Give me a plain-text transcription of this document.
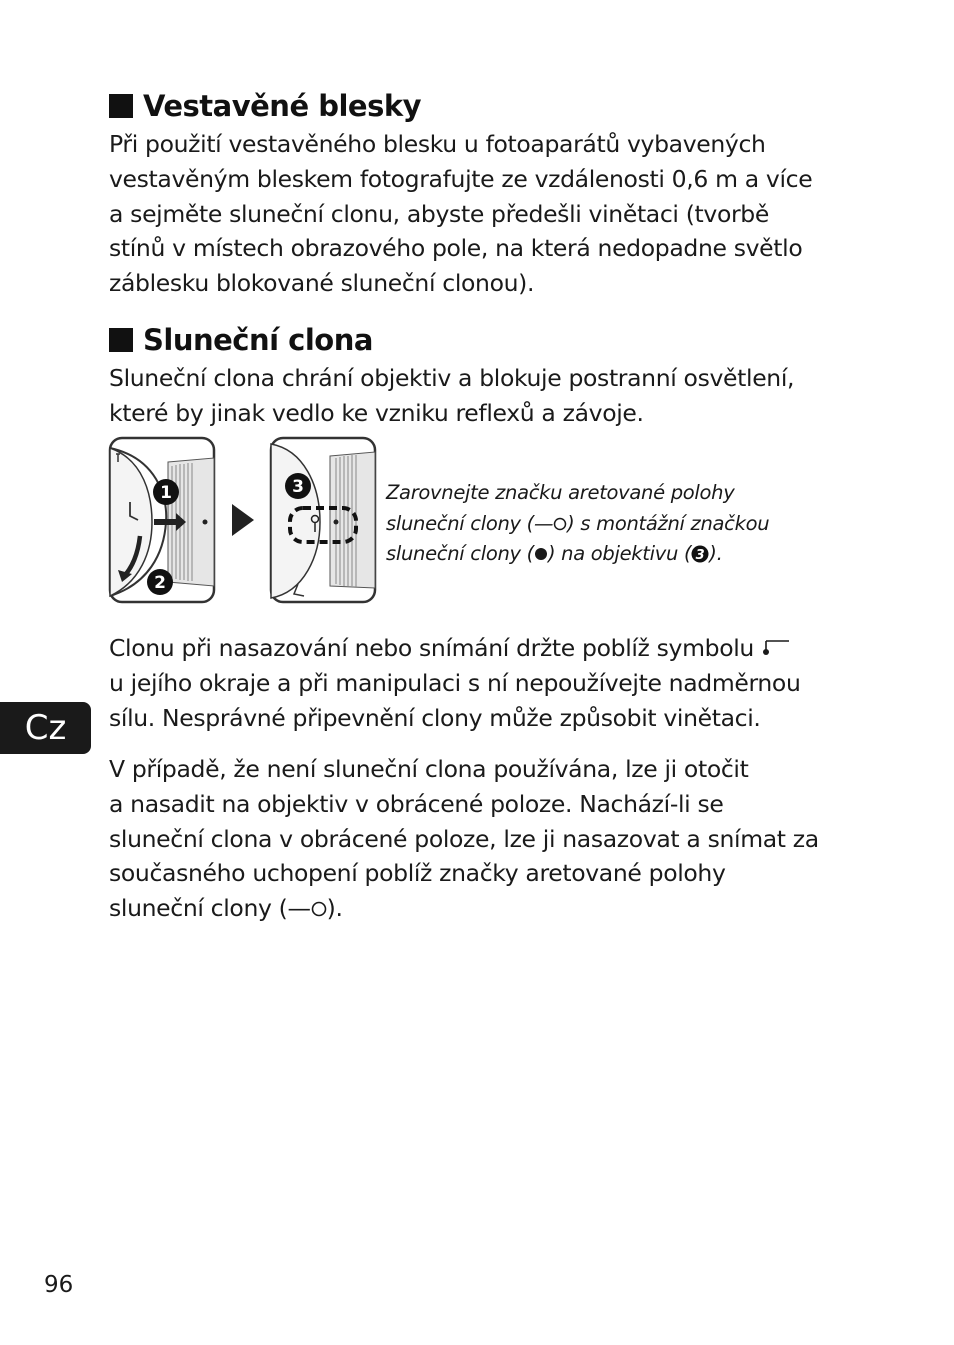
Vestavěné blesky

Při použití vestavěného blesku u fotoaparátů vybavených
vestavěným bleskem fotografujte ze vzdálenosti 0,6 m a více
a sejměte sluneční clonu, abyste předešli vinětaci (tvorbě
stínů v místech obrazového pole, na která nedopadne světlo
záblesku blokované sluneční clonou).

Sluneční clona

Sluneční clona chrání objektiv a blokuje postranní osvětlení,
které by jinak vedlo ke vzniku reflexů a závoje.

1
2
3	Zarovnejte značku aretované polohy
sluneční clony (— ) s montážní značkou
sluneční clony ( ) na objektivu ( 3 ).

Clonu při nasazování nebo snímání držte poblíž symbolu
u jejího okraje a při manipulaci s ní nepoužívejte nadměrnou
sílu. Nesprávné připevnění clony může způsobit vinětaci.

Cz

V případě, že není sluneční clona používána, lze ji otočit
a nasadit na objektiv v obrácené poloze. Nachází-li se
sluneční clona v obrácené poloze, lze ji nasazovat a snímat za
současného uchopení poblíž značky aretované polohy
sluneční clony (— ).

96
